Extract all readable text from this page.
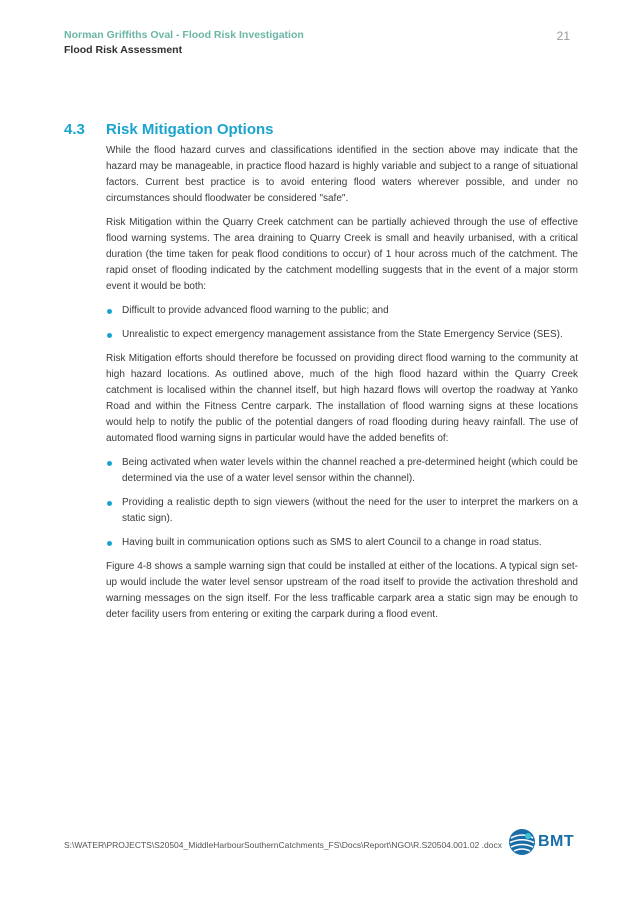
Norman Griffiths Oval - Flood Risk Investigation
Flood Risk Assessment
21
4.3 Risk Mitigation Options

While the flood hazard curves and classifications identified in the section above may indicate that the hazard may be manageable, in practice flood hazard is highly variable and subject to a range of situational factors. Current best practice is to avoid entering flood waters wherever possible, and under no circumstances should floodwater be considered "safe".

Risk Mitigation within the Quarry Creek catchment can be partially achieved through the use of effective flood warning systems. The area draining to Quarry Creek is small and heavily urbanised, with a critical duration (the time taken for peak flood conditions to occur) of 1 hour across much of the catchment. The rapid onset of flooding indicated by the catchment modelling suggests that in the event of a major storm event it would be both:

Difficult to provide advanced flood warning to the public; and
Unrealistic to expect emergency management assistance from the State Emergency Service (SES).

Risk Mitigation efforts should therefore be focussed on providing direct flood warning to the community at high hazard locations. As outlined above, much of the high flood hazard within the Quarry Creek catchment is localised within the channel itself, but high hazard flows will overtop the roadway at Yanko Road and within the Fitness Centre carpark. The installation of flood warning signs at these locations would help to notify the public of the potential dangers of road flooding during heavy rainfall. The use of automated flood warning signs in particular would have the added benefits of:

Being activated when water levels within the channel reached a pre-determined height (which could be determined via the use of a water level sensor within the channel).
Providing a realistic depth to sign viewers (without the need for the user to interpret the markers on a static sign).
Having built in communication options such as SMS to alert Council to a change in road status.

Figure 4-8 shows a sample warning sign that could be installed at either of the locations. A typical sign set-up would include the water level sensor upstream of the road itself to provide the activation threshold and warning messages on the sign itself. For the less trafficable carpark area a static sign may be enough to deter facility users from entering or exiting the carpark during a flood event.

S:\WATER\PROJECTS\S20504_MiddleHarbourSouthernCatchments_FS\Docs\Report\NGO\R.S20504.001.02 .docx BMT
